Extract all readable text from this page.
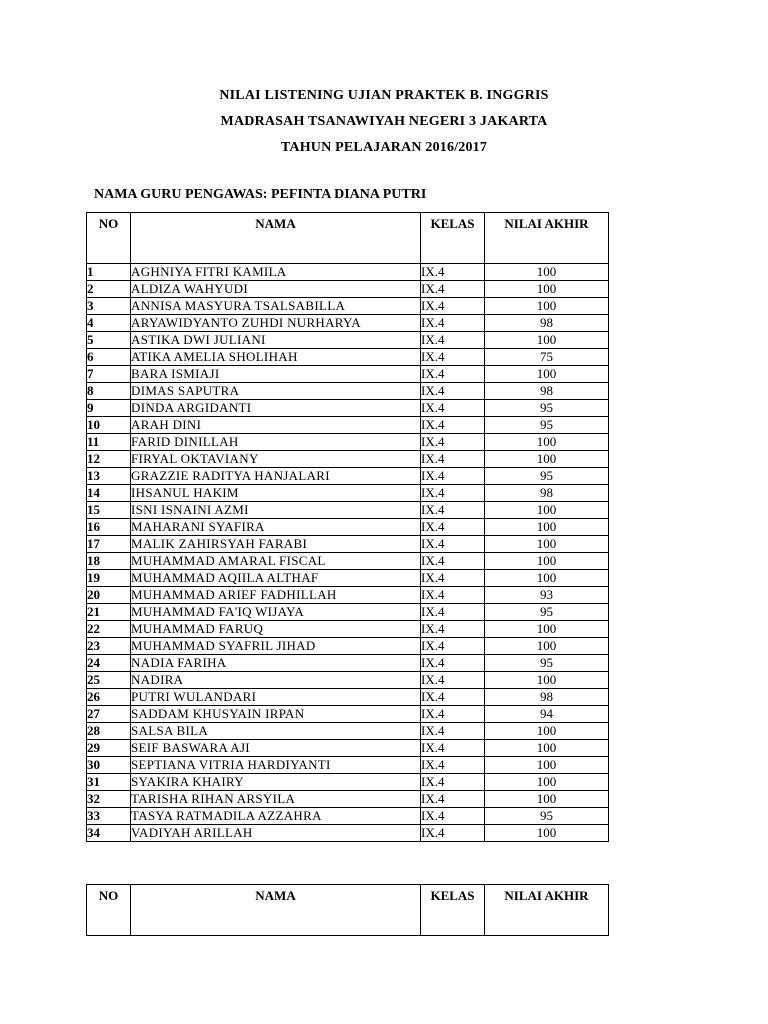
NILAI LISTENING UJIAN PRAKTEK B. INGGRIS
MADRASAH TSANAWIYAH NEGERI 3 JAKARTA
TAHUN PELAJARAN 2016/2017
NAMA GURU PENGAWAS: PEFINTA DIANA PUTRI
NO	NAMA	KELAS	NILAI AKHIR
1	AGHNIYA FITRI KAMILA	IX.4	100
2	ALDIZA WAHYUDI	IX.4	100
3	ANNISA MASYURA TSALSABILLA	IX.4	100
4	ARYAWIDYANTO ZUHDI NURHARYA	IX.4	98
5	ASTIKA DWI JULIANI	IX.4	100
6	ATIKA AMELIA SHOLIHAH	IX.4	75
7	BARA ISMIAJI	IX.4	100
8	DIMAS SAPUTRA	IX.4	98
9	DINDA ARGIDANTI	IX.4	95
10	ARAH DINI	IX.4	95
11	FARID DINILLAH	IX.4	100
12	FIRYAL OKTAVIANY	IX.4	100
13	GRAZZIE RADITYA HANJALARI	IX.4	95
14	IHSANUL HAKIM	IX.4	98
15	ISNI ISNAINI AZMI	IX.4	100
16	MAHARANI SYAFIRA	IX.4	100
17	MALIK ZAHIRSYAH FARABI	IX.4	100
18	MUHAMMAD AMARAL FISCAL	IX.4	100
19	MUHAMMAD AQIILA ALTHAF	IX.4	100
20	MUHAMMAD ARIEF FADHILLAH	IX.4	93
21	MUHAMMAD FA'IQ WIJAYA	IX.4	95
22	MUHAMMAD FARUQ	IX.4	100
23	MUHAMMAD SYAFRIL JIHAD	IX.4	100
24	NADIA FARIHA	IX.4	95
25	NADIRA	IX.4	100
26	PUTRI WULANDARI	IX.4	98
27	SADDAM KHUSYAIN IRPAN	IX.4	94
28	SALSA BILA	IX.4	100
29	SEIF BASWARA AJI	IX.4	100
30	SEPTIANA VITRIA HARDIYANTI	IX.4	100
31	SYAKIRA KHAIRY	IX.4	100
32	TARISHA RIHAN ARSYILA	IX.4	100
33	TASYA RATMADILA AZZAHRA	IX.4	95
34	VADIYAH ARILLAH	IX.4	100
NO	NAMA	KELAS	NILAI AKHIR
